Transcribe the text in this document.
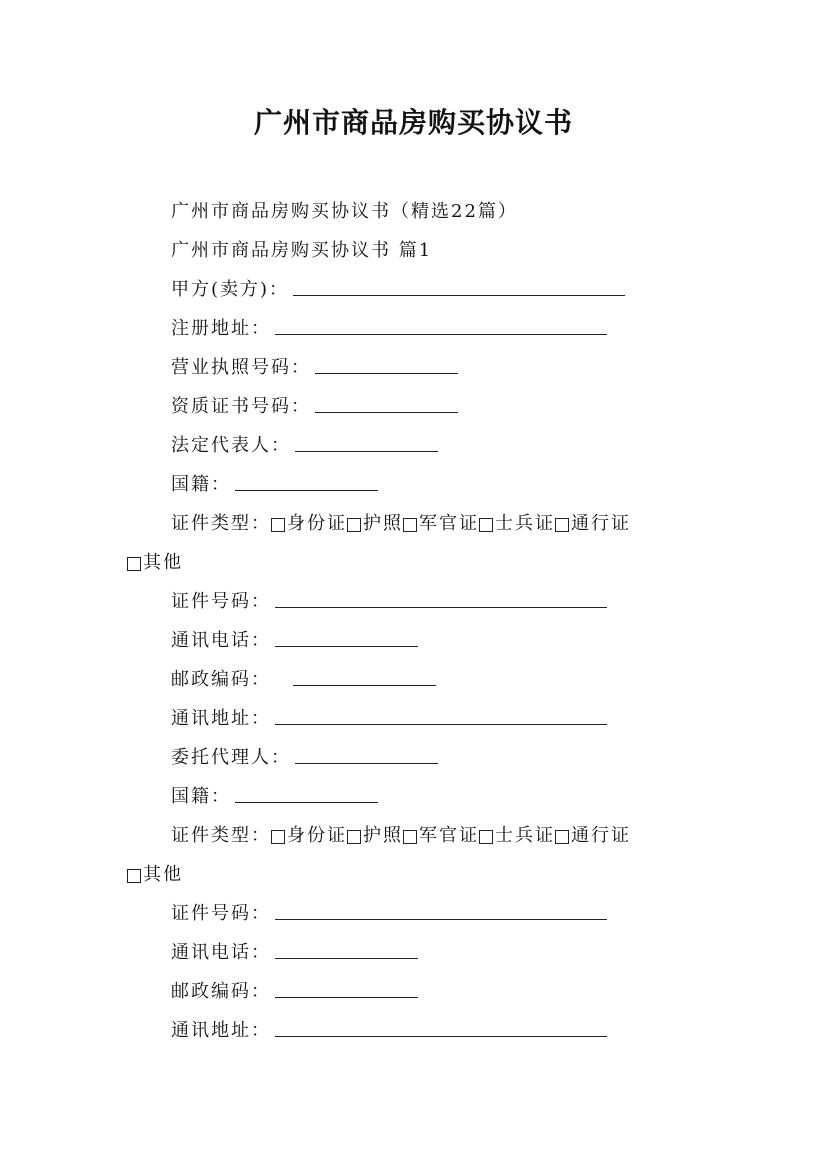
广州市商品房购买协议书
广州市商品房购买协议书（精选22篇）
广州市商品房购买协议书 篇1
甲方(卖方)：
注册地址：
营业执照号码：
资质证书号码：
法定代表人：
国籍：
证件类型： 身份证 护照 军官证 士兵证 通行证
其他
证件号码：
通讯电话：
邮政编码：
通讯地址：
委托代理人：
国籍：
证件类型： 身份证 护照 军官证 士兵证 通行证
其他
证件号码：
通讯电话：
邮政编码：
通讯地址：
